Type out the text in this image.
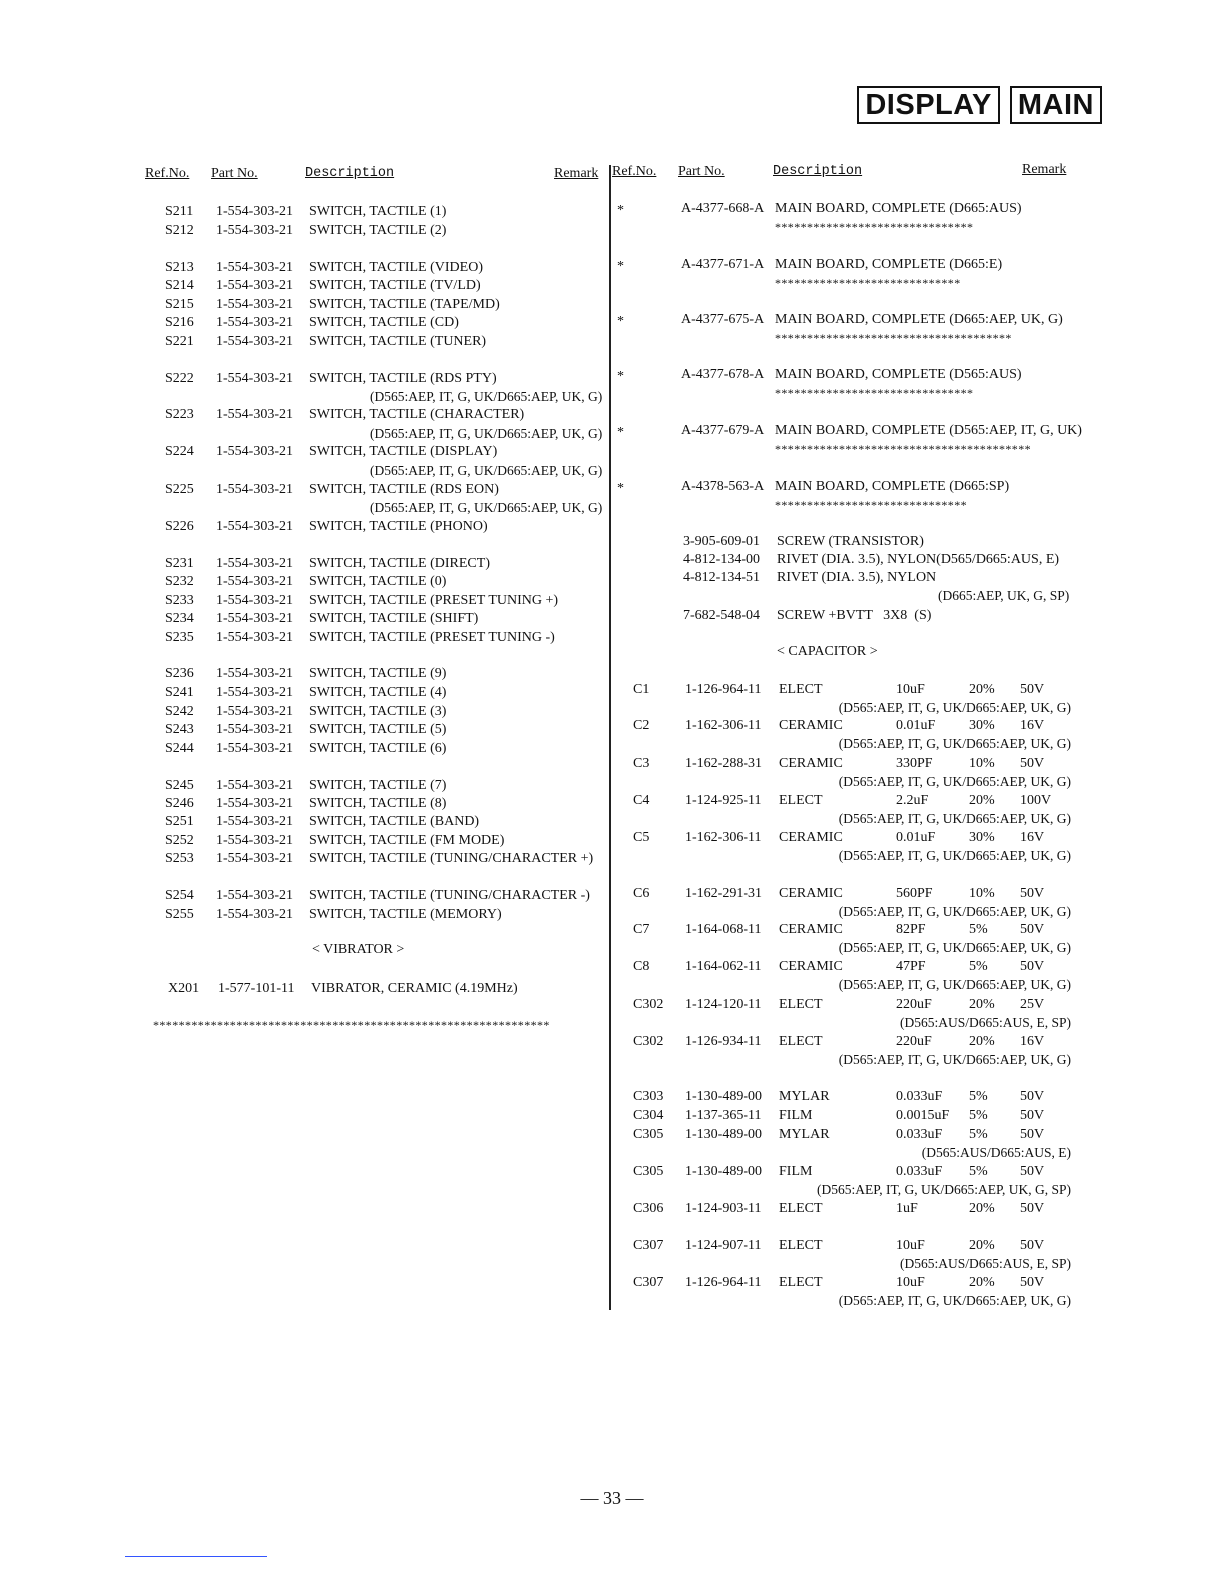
DISPLAY MAIN
Ref.No. Part No.	Description	Remark Ref.No. Part No.	Description	Remark
— 33 —
S211 1-554-303-21 SWITCH, TACTILE (1)
S212 1-554-303-21 SWITCH, TACTILE (2)
S213 1-554-303-21 SWITCH, TACTILE (VIDEO)
S214 1-554-303-21 SWITCH, TACTILE (TV/LD)
S215 1-554-303-21 SWITCH, TACTILE (TAPE/MD)
S216 1-554-303-21 SWITCH, TACTILE (CD)
S221 1-554-303-21 SWITCH, TACTILE (TUNER)
S222 1-554-303-21 SWITCH, TACTILE (RDS PTY)
(D565:AEP, IT, G, UK/D665:AEP, UK, G)
S223 1-554-303-21 SWITCH, TACTILE (CHARACTER)
(D565:AEP, IT, G, UK/D665:AEP, UK, G)
S224 1-554-303-21 SWITCH, TACTILE (DISPLAY)
(D565:AEP, IT, G, UK/D665:AEP, UK, G)
S225 1-554-303-21 SWITCH, TACTILE (RDS EON)
(D565:AEP, IT, G, UK/D665:AEP, UK, G)
S226 1-554-303-21 SWITCH, TACTILE (PHONO)
S231 1-554-303-21 SWITCH, TACTILE (DIRECT)
S232 1-554-303-21 SWITCH, TACTILE (0)
S233 1-554-303-21 SWITCH, TACTILE (PRESET TUNING +)
S234 1-554-303-21 SWITCH, TACTILE (SHIFT)
S235 1-554-303-21 SWITCH, TACTILE (PRESET TUNING -)
S236 1-554-303-21 SWITCH, TACTILE (9)
S241 1-554-303-21 SWITCH, TACTILE (4)
S242 1-554-303-21 SWITCH, TACTILE (3)
S243 1-554-303-21 SWITCH, TACTILE (5)
S244 1-554-303-21 SWITCH, TACTILE (6)
S245 1-554-303-21 SWITCH, TACTILE (7)
S246 1-554-303-21 SWITCH, TACTILE (8)
S251 1-554-303-21 SWITCH, TACTILE (BAND)
S252 1-554-303-21 SWITCH, TACTILE (FM MODE)
S253 1-554-303-21 SWITCH, TACTILE (TUNING/CHARACTER +)
S254 1-554-303-21 SWITCH, TACTILE (TUNING/CHARACTER -)
S255 1-554-303-21 SWITCH, TACTILE (MEMORY)
< VIBRATOR >
X201 1-577-101-11 VIBRATOR, CERAMIC (4.19MHz)
**************************************************************
*	A-4377-668-A MAIN BOARD, COMPLETE (D665:AUS)
*******************************
*	A-4377-671-A MAIN BOARD, COMPLETE (D665:E)
*****************************
*	A-4377-675-A MAIN BOARD, COMPLETE (D665:AEP, UK, G)
*************************************
*	A-4377-678-A MAIN BOARD, COMPLETE (D565:AUS)
*******************************
*	A-4377-679-A MAIN BOARD, COMPLETE (D565:AEP, IT, G, UK)
****************************************
*	A-4378-563-A MAIN BOARD, COMPLETE (D665:SP)
******************************
3-905-609-01 SCREW (TRANSISTOR)
4-812-134-00 RIVET (DIA. 3.5), NYLON(D565/D665:AUS, E)
4-812-134-51 RIVET (DIA. 3.5), NYLON
(D665:AEP, UK, G, SP)
7-682-548-04 SCREW +BVTT   3X8  (S)
< CAPACITOR >
C1	1-126-964-11 ELECT	10uF	20% 50V
(D565:AEP, IT, G, UK/D665:AEP, UK, G)
C2	1-162-306-11 CERAMIC	0.01uF 30% 16V
(D565:AEP, IT, G, UK/D665:AEP, UK, G)
C3	1-162-288-31 CERAMIC	330PF	10% 50V
(D565:AEP, IT, G, UK/D665:AEP, UK, G)
C4	1-124-925-11 ELECT	2.2uF	20% 100V
(D565:AEP, IT, G, UK/D665:AEP, UK, G)
C5	1-162-306-11 CERAMIC	0.01uF 30% 16V
(D565:AEP, IT, G, UK/D665:AEP, UK, G)
C6	1-162-291-31 CERAMIC	560PF	10% 50V
(D565:AEP, IT, G, UK/D665:AEP, UK, G)
C7	1-164-068-11 CERAMIC	82PF	5% 50V
(D565:AEP, IT, G, UK/D665:AEP, UK, G)
C8	1-164-062-11 CERAMIC	47PF	5% 50V
(D565:AEP, IT, G, UK/D665:AEP, UK, G)
C302 1-124-120-11 ELECT	220uF	20% 25V
(D565:AUS/D665:AUS, E, SP)
C302 1-126-934-11 ELECT	220uF	20% 16V
(D565:AEP, IT, G, UK/D665:AEP, UK, G)
C303 1-130-489-00 MYLAR	0.033uF 5% 50V
C304 1-137-365-11 FILM	0.0015uF 5% 50V
C305 1-130-489-00 MYLAR	0.033uF 5% 50V
(D565:AUS/D665:AUS, E)
C305 1-130-489-00 FILM	0.033uF 5% 50V
(D565:AEP, IT, G, UK/D665:AEP, UK, G, SP)
C306 1-124-903-11 ELECT	1uF	20% 50V
C307 1-124-907-11 ELECT	10uF	20% 50V
(D565:AUS/D665:AUS, E, SP)
C307 1-126-964-11 ELECT	10uF	20% 50V
(D565:AEP, IT, G, UK/D665:AEP, UK, G)
